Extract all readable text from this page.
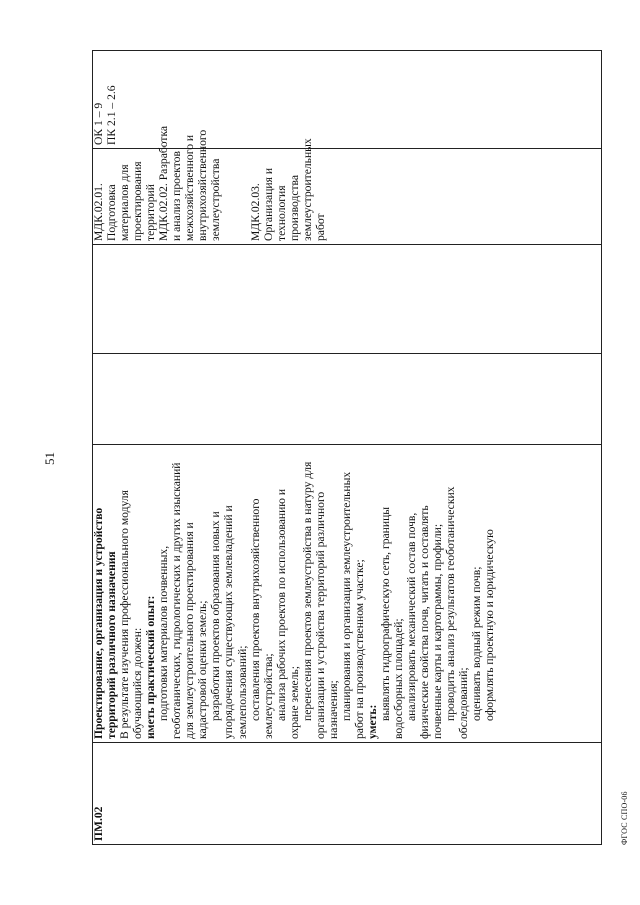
51
ПМ.02
Проектирование, организация и устройство территорий различного назначения В результате изучения профессионального модуля обучающийся должен: иметь практический опыт: подготовки материалов почвенных, геоботанических, гидрологических и других изысканий для землеустроительного проектирования и кадастровой оценки земель; разработки проектов образования новых и упорядочения существующих землевладений и землепользований; составления проектов внутрихозяйственного землеустройства; анализа рабочих проектов по использованию и охране земель; перенесения проектов землеустройства в натуру для организации и устройства территорий различного назначения; планирования и организации землеустроительных работ на производственном участке; уметь:
выявлять гидрографическую сеть, границы водосборных площадей; анализировать механический состав почв, физические свойства почв, читать и составлять почвенные карты и картограммы, профили; проводить анализ результатов геоботанических обследований; оценивать водный режим почв; оформлять проектную и юридическую
МДК.02.01. Подготовка материалов для проектирования территорий МДК.02.02. Разработка и анализ проектов межхозяйственного и внутрихозяйственного землеустройства МДК.02.03. Организация и технология производства землеустроительных работ
ОК 1 – 9 ПК 2.1 – 2.6
ФГОС СПО-06
